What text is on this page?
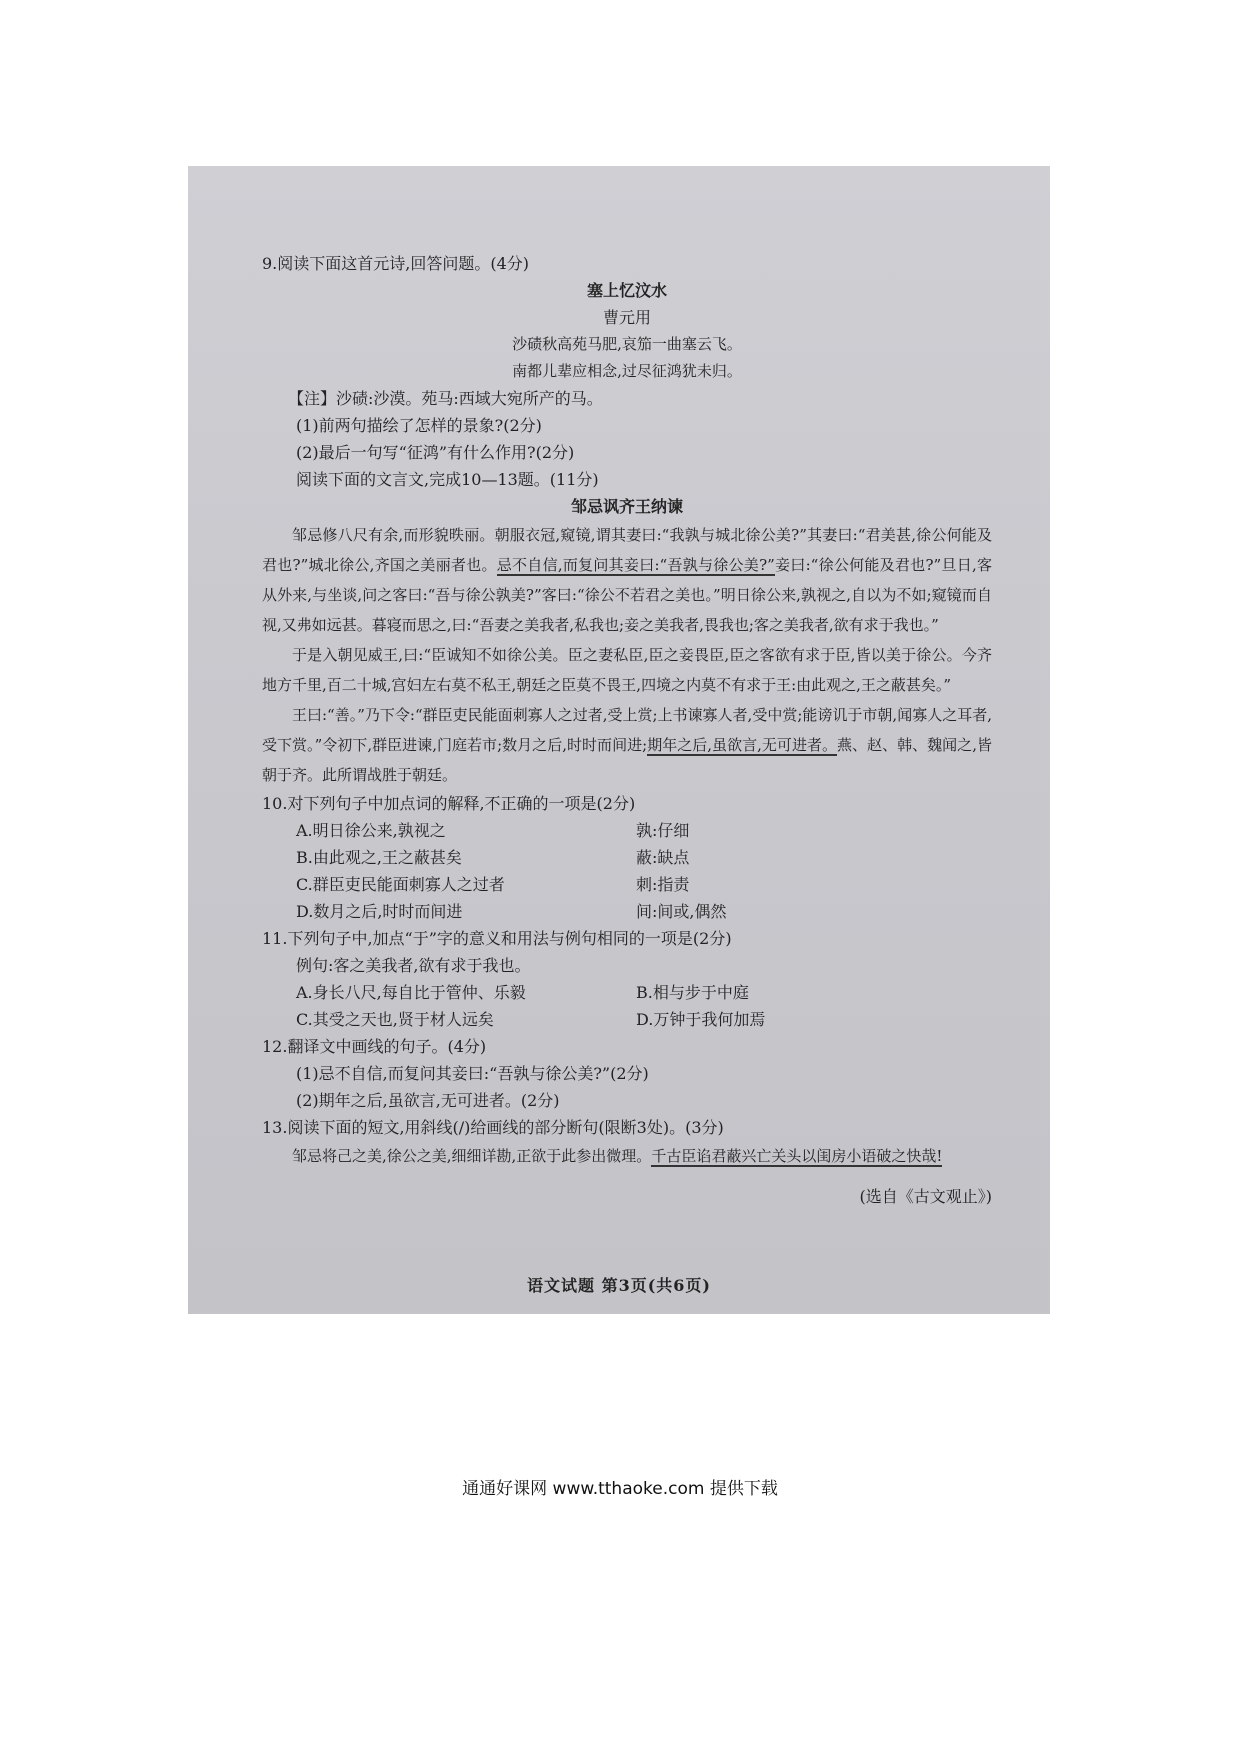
9.阅读下面这首元诗,回答问题。(4分)
塞上忆汶水
曹元用
沙碛秋高苑马肥,哀笳一曲塞云飞。
南都儿辈应相念,过尽征鸿犹未归。
【注】沙碛:沙漠。苑马:西域大宛所产的马。
(1)前两句描绘了怎样的景象?(2分)
(2)最后一句写“征鸿”有什么作用?(2分)
阅读下面的文言文,完成10—13题。(11分)
邹忌讽齐王纳谏

邹忌修八尺有余,而形貌昳丽。朝服衣冠,窥镜,谓其妻曰:“我孰与城北徐公美?”其妻曰:“君美甚,徐公何能及君也?”城北徐公,齐国之美丽者也。忌不自信,而复问其妾曰:“吾孰与徐公美?”妾曰:“徐公何能及君也?”旦日,客从外来,与坐谈,问之客曰:“吾与徐公孰美?”客曰:“徐公不若君之美也。”明日徐公来,孰视之,自以为不如;窥镜而自视,又弗如远甚。暮寝而思之,曰:“吾妻之美我者,私我也;妾之美我者,畏我也;客之美我者,欲有求于我也。”

于是入朝见威王,曰:“臣诚知不如徐公美。臣之妻私臣,臣之妾畏臣,臣之客欲有求于臣,皆以美于徐公。今齐地方千里,百二十城,宫妇左右莫不私王,朝廷之臣莫不畏王,四境之内莫不有求于王:由此观之,王之蔽甚矣。”

王曰:“善。”乃下令:“群臣吏民能面刺寡人之过者,受上赏;上书谏寡人者,受中赏;能谤讥于市朝,闻寡人之耳者,受下赏。”令初下,群臣进谏,门庭若市;数月之后,时时而间进;期年之后,虽欲言,无可进者。燕、赵、韩、魏闻之,皆朝于齐。此所谓战胜于朝廷。

10.对下列句子中加点词的解释,不正确的一项是(2分)
A.明日徐公来,孰视之	孰:仔细
B.由此观之,王之蔽甚矣	蔽:缺点
C.群臣吏民能面刺寡人之过者	刺:指责
D.数月之后,时时而间进	间:间或,偶然
11.下列句子中,加点“于”字的意义和用法与例句相同的一项是(2分)
例句:客之美我者,欲有求于我也。
A.身长八尺,每自比于管仲、乐毅	B.相与步于中庭
C.其受之天也,贤于材人远矣	D.万钟于我何加焉
12.翻译文中画线的句子。(4分)
(1)忌不自信,而复问其妾曰:“吾孰与徐公美?”(2分)
(2)期年之后,虽欲言,无可进者。(2分)
13.阅读下面的短文,用斜线(/)给画线的部分断句(限断3处)。(3分)

邹忌将己之美,徐公之美,细细详勘,正欲于此参出微理。千古臣谄君蔽兴亡关头以闺房小语破之快哉!

(选自《古文观止》)
语文试题 第3页(共6页)
通通好课网 www.tthaoke.com 提供下载
